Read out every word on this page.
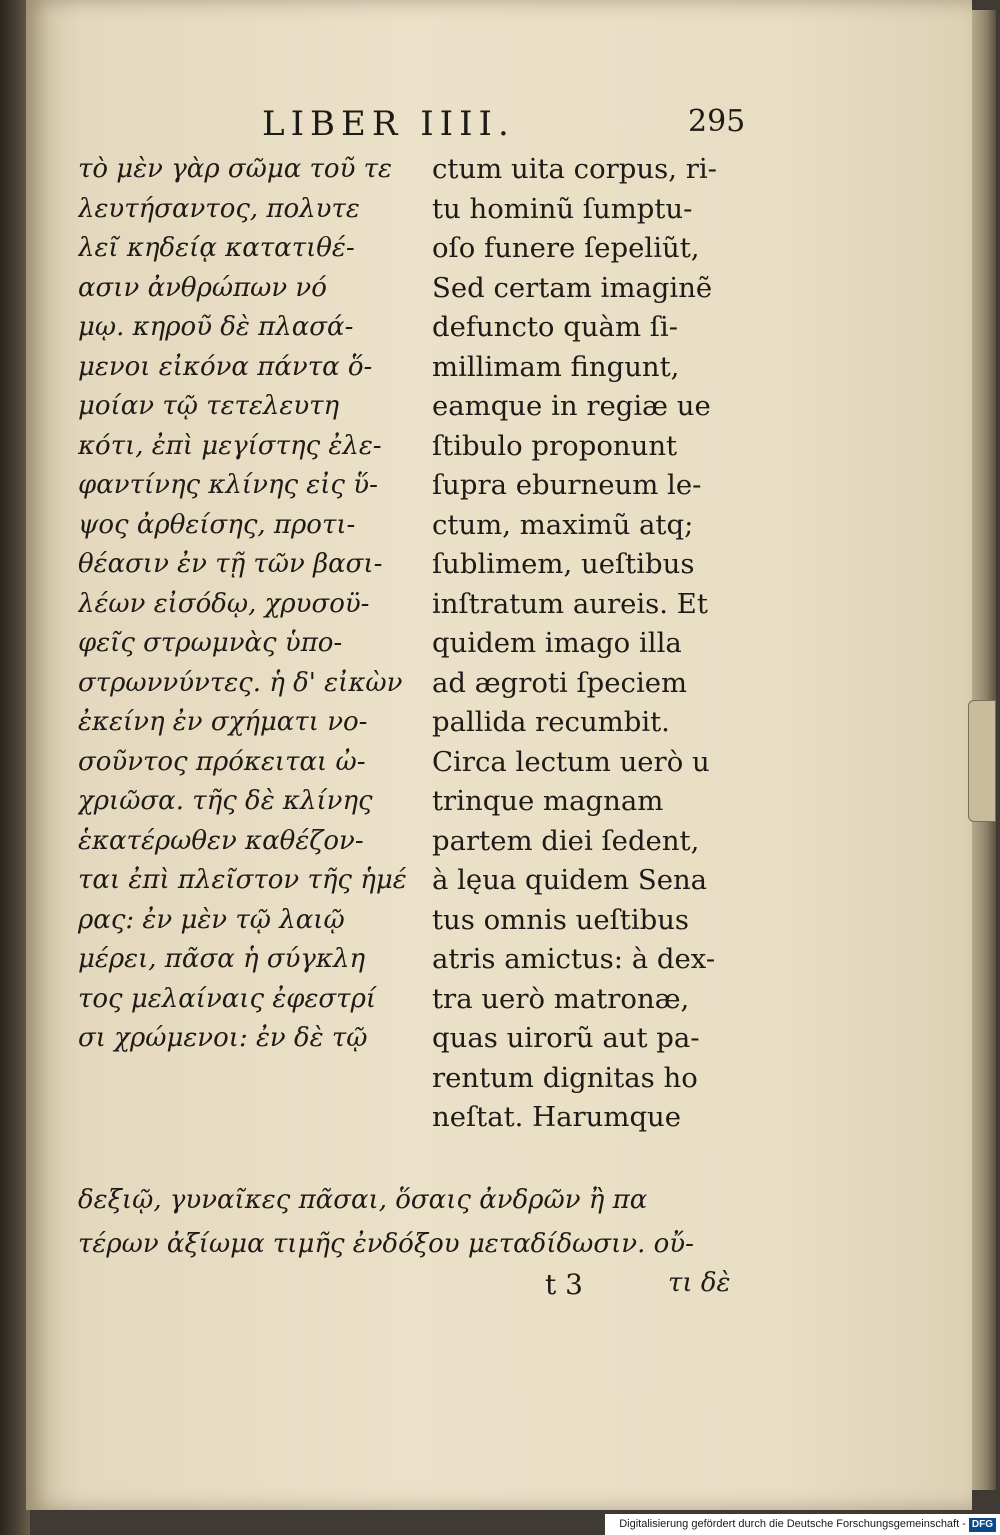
LIBER IIII.	295
τὸ μὲν γὰρ σῶμα τοῦ τε
λευτήσαντος, πολυτε
λεῖ κηδείᾳ κατατιθέ-
ασιν ἀνθρώπων νό
μῳ. κηροῦ δὲ πλασά-
μενοι εἰκόνα πάντα ὅ-
μοίαν τῷ τετελευτη
κότι, ἐπὶ μεγίστης ἐλε-
φαντίνης κλίνης εἰς ὕ-
ψος ἀρθείσης, προτι-
θέασιν ἐν τῇ τῶν βασι-
λέων εἰσόδῳ, χρυσοϋ-
φεῖς στρωμνὰς ὑπο-
στρωννύντες. ἡ δ' εἰκὼν
ἐκείνη ἐν σχήματι νο-
σοῦντος πρόκειται ὠ-
χριῶσα. τῆς δὲ κλίνης
ἑκατέρωθεν καθέζον-
ται ἐπὶ πλεῖστον τῆς ἡμέ
ρας: ἐν μὲν τῷ λαιῷ
μέρει, πᾶσα ἡ σύγκλη
τος μελαίναις ἐφεστρί
σι χρώμενοι: ἐν δὲ τῷ
ctum uita corpus, ri-
tu hominũ ſumptu-
oſo funere ſepeliũt,
Sed certam imaginẽ
defuncto quàm ſi-
millimam fingunt,
eamque in regiæ ue
ſtibulo proponunt
ſupra eburneum le-
ctum, maximũ atq;
ſublimem, ueſtibus
inſtratum aureis. Et
quidem imago illa
ad ægroti ſpeciem
pallida recumbit.
Circa lectum uerò u
trinque magnam
partem diei ſedent,
à lęua quidem Sena
tus omnis ueſtibus
atris amictus: à dex-
tra uerò matronæ,
quas uirorũ aut pa-
rentum dignitas ho
neſtat. Harumque
δεξιῷ, γυναῖκες πᾶσαι, ὅσαις ἀνδρῶν ἢ πα
τέρων ἀξίωμα τιμῆς ἐνδόξου μεταδίδωσιν. οὔ-
t 3	τι δὲ
Digitalisierung gefördert durch die Deutsche Forschungsgemeinschaft - DFG
